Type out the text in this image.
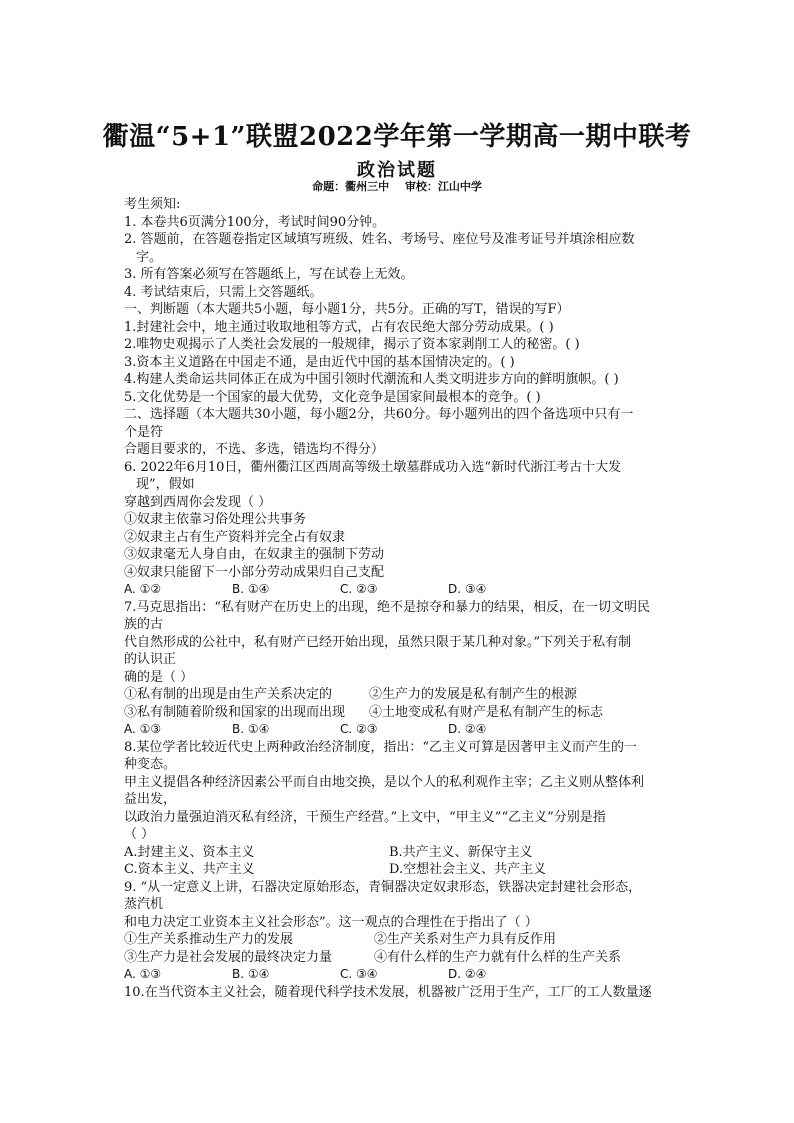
衢温“5+1”联盟2022学年第一学期高一期中联考
政治试题
命题：衢州三中 审校：江山中学
考生须知:
1. 本卷共6页满分100分，考试时间90分钟。
2. 答题前，在答题卷指定区域填写班级、姓名、考场号、座位号及准考证号并填涂相应数
字。
3. 所有答案必须写在答题纸上，写在试卷上无效。
4. 考试结束后，只需上交答题纸。
一、判断题（本大题共5小题，每小题1分，共5分。正确的写T，错误的写F）
1.封建社会中，地主通过收取地租等方式，占有农民绝大部分劳动成果。( )
2.唯物史观揭示了人类社会发展的一般规律，揭示了资本家剥削工人的秘密。( )
3.资本主义道路在中国走不通，是由近代中国的基本国情决定的。( )
4.构建人类命运共同体正在成为中国引领时代潮流和人类文明进步方向的鲜明旗帜。( )
5.文化优势是一个国家的最大优势，文化竞争是国家间最根本的竞争。( )
二、选择题（本大题共30小题，每小题2分，共60分。每小题列出的四个备选项中只有一
个是符
合题目要求的，不选、多选，错选均不得分）
6. 2022年6月10日，衢州衢江区西周高等级土墩墓群成功入选“新时代浙江考古十大发
现”，假如
穿越到西周你会发现（ ）
①奴隶主依靠习俗处理公共事务
②奴隶主占有生产资料并完全占有奴隶
③奴隶毫无人身自由，在奴隶主的强制下劳动
④奴隶只能留下一小部分劳动成果归自己支配
A. ①②	B. ①④	C. ②③	D. ③④
7.马克思指出：“私有财产在历史上的出现，绝不是掠夺和暴力的结果，相反，在一切文明民
族的古
代自然形成的公社中，私有财产已经开始出现，虽然只限于某几种对象。”下列关于私有制
的认识正
确的是（ ）
①私有制的出现是由生产关系决定的	②生产力的发展是私有制产生的根源
③私有制随着阶级和国家的出现而出现 ④土地变成私有财产是私有制产生的标志
A. ①③	B. ①④	C. ②③	D. ②④
8.某位学者比较近代史上两种政治经济制度，指出：“乙主义可算是因著甲主义而产生的一
种变态。
甲主义提倡各种经济因素公平而自由地交换，是以个人的私利观作主宰；乙主义则从整体利
益出发，
以政治力量强迫消灭私有经济，干预生产经营。”上文中，“甲主义”“乙主义”分别是指
（ ）
A.封建主义、资本主义	B.共产主义、新保守主义
C.资本主义、共产主义	D.空想社会主义、共产主义
9. “从一定意义上讲，石器决定原始形态，青铜器决定奴隶形态，铁器决定封建社会形态，
蒸汽机
和电力决定工业资本主义社会形态”。这一观点的合理性在于指出了（ ）
①生产关系推动生产力的发展	②生产关系对生产力具有反作用
③生产力是社会发展的最终决定力量	④有什么样的生产力就有什么样的生产关系
A. ①③	B. ①④	C. ③④	D. ②④
10.在当代资本主义社会，随着现代科学技术发展，机器被广泛用于生产，工厂的工人数量逐
